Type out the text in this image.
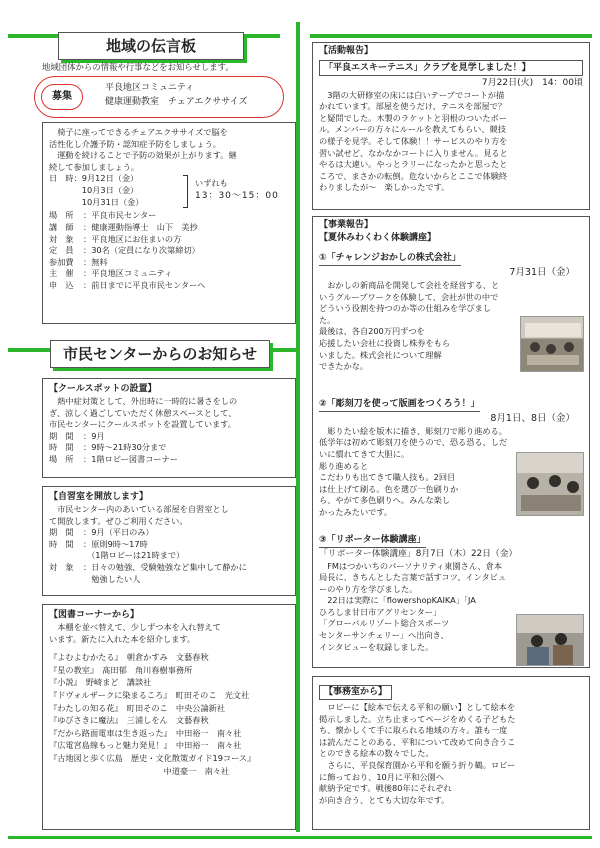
地域の伝言板
地域団体からの情報や行事などをお知らせします。
募集
平良地区コミュニティ
健康運動教室　チェアエクササイズ
　椅子に座ってできるチェアエクササイズで脳を
活性化し介護予防・認知症予防をしましょう。
　運動を続けることで予防の効果が上がります。継
続して参加しましょう。
日　時：9月12日（金）
　　　　10月3日（金）
　　　　10月31日（金）
いずれも
13：30～15：00
場　所	：平良市民センター
講　師	：健康運動指導士　山下　美抄
対　象	：平良地区にお住まいの方
定　員	：30名（定員になり次第締切）
参加費	：無料
主　催	：平良地区コミュニティ
申　込	：前日までに平良市民センターへ
市民センターからのお知らせ
【クールスポットの設置】
　熱中症対策として、外出時に一時的に暑さをしの
ぎ、涼しく過ごしていただく休憩スペースとして、
市民センターにクールスポットを設置しています。
期　間	：9月
時　間	：9時～21時30分まで
場　所	：1階ロビー図書コーナー
【自習室を開放します】
　市民センター内のあいている部屋を自習室とし
て開放します。ぜひご利用ください。
期　間	：9月（平日のみ）
時　間	：原則9時～17時
　（1階ロビーは21時まで）
対　象	：日々の勉強、受験勉強など集中して静かに
　勉強したい人
【図書コーナーから】
　本棚を並べ替えて、少しずつ本を入れ替えて
います。新たに入れた本を紹介します。
『よむよむかたる』　朝倉かすみ　文藝春秋
『星の教室』　髙田郁　角川春樹事務所
『小説』　野崎まど　講談社
『ドヴォルザークに染まるころ』　町田そのこ　光文社
『わたしの知る花』　町田そのこ　中央公論新社
『ゆびさきに魔法』　三浦しをん　文藝春秋
『だから路面電車は生き返った』　中田裕一　南々社
『広電宮島線もっと魅力発見！』　中田裕一　南々社
『古地図と歩く広島　歴史・文化散策ガイド19コース』
　　　　　　　　　　　　　　中道豪一　南々社
【活動報告】
「平良エスキーテニス」クラブを見学しました！】
7月22日(火)　14：00頃
　3階の大研修室の床には白いテープでコートが描
かれています。部屋を使うだけ、テニスを部屋で？
と疑問でした。木製のラケットと羽根のついたボー
ル。メンバーの方々にルールを教えてもらい、競技
の様子を見学。そして体験！！サービスのやり方を
習い試せど、なかなかコートに入りません。見ると
やるは大違い。やっとラリーになったかと思ったと
ころで、まさかの転倒。危ないからとここで体験終
わりましたが～　楽しかったです。
【事業報告】
【夏休みわくわく体験講座】
①「チャレンジおかしの株式会社」
7月31日（金）
　おかしの新商品を開発して会社を経営する、と
いうグループワークを体験して、会社が世の中で
どういう役割を持つのか等の仕組みを学びまし
た。
最後は、各自200万円ずつを
応援したい会社に投資し株券をもら
いました。株式会社について理解
できたかな。
②「彫刻刀を使って版画をつくろう！」
8月1日、8日（金）
　彫りたい絵を版木に描き、彫刻刀で彫り進める。
低学年は初めて彫刻刀を使うので、恐る恐る、しだ
いに慣れてきて大胆に。
彫り進めると
こだわりも出てきて職人技も。2回目
は仕上げて刷る。色を選び一色刷りか
ら、やがて多色刷りへ。みんな楽し
かったみたいです。
③「リポーター体験講座」
「リポーター体験講座」8月7日（木）22日（金）
　FMはつかいちのパーソナリティ東園さん、倉本
局長に、きちんとした言葉で話すコツ、インタビュ
ーのやり方を学びました。
　22日は実際に「flowershopKAIKA」「JA
ひろしま甘日市アグリセンター」
「グローバルリゾート総合スポーツ
センターサンチェリー」へ出向き、
インタビューを収録しました。
【事務室から】
　ロビーに【絵本で伝える平和の願い】として絵本を
掲示しました。立ち止まってページをめくる子どもた
ち、懐かしくて手に取られる地域の方々。誰も一度
は読んだことのある、平和について改めて向き合うこ
とのできる絵本の数々でした。
　さらに、平良保育園から平和を願う折り鶴。ロビー
に飾っており、10月に平和公園へ
献納予定です。戦後80年にそれぞれ
が向き合う、とても大切な年です。
